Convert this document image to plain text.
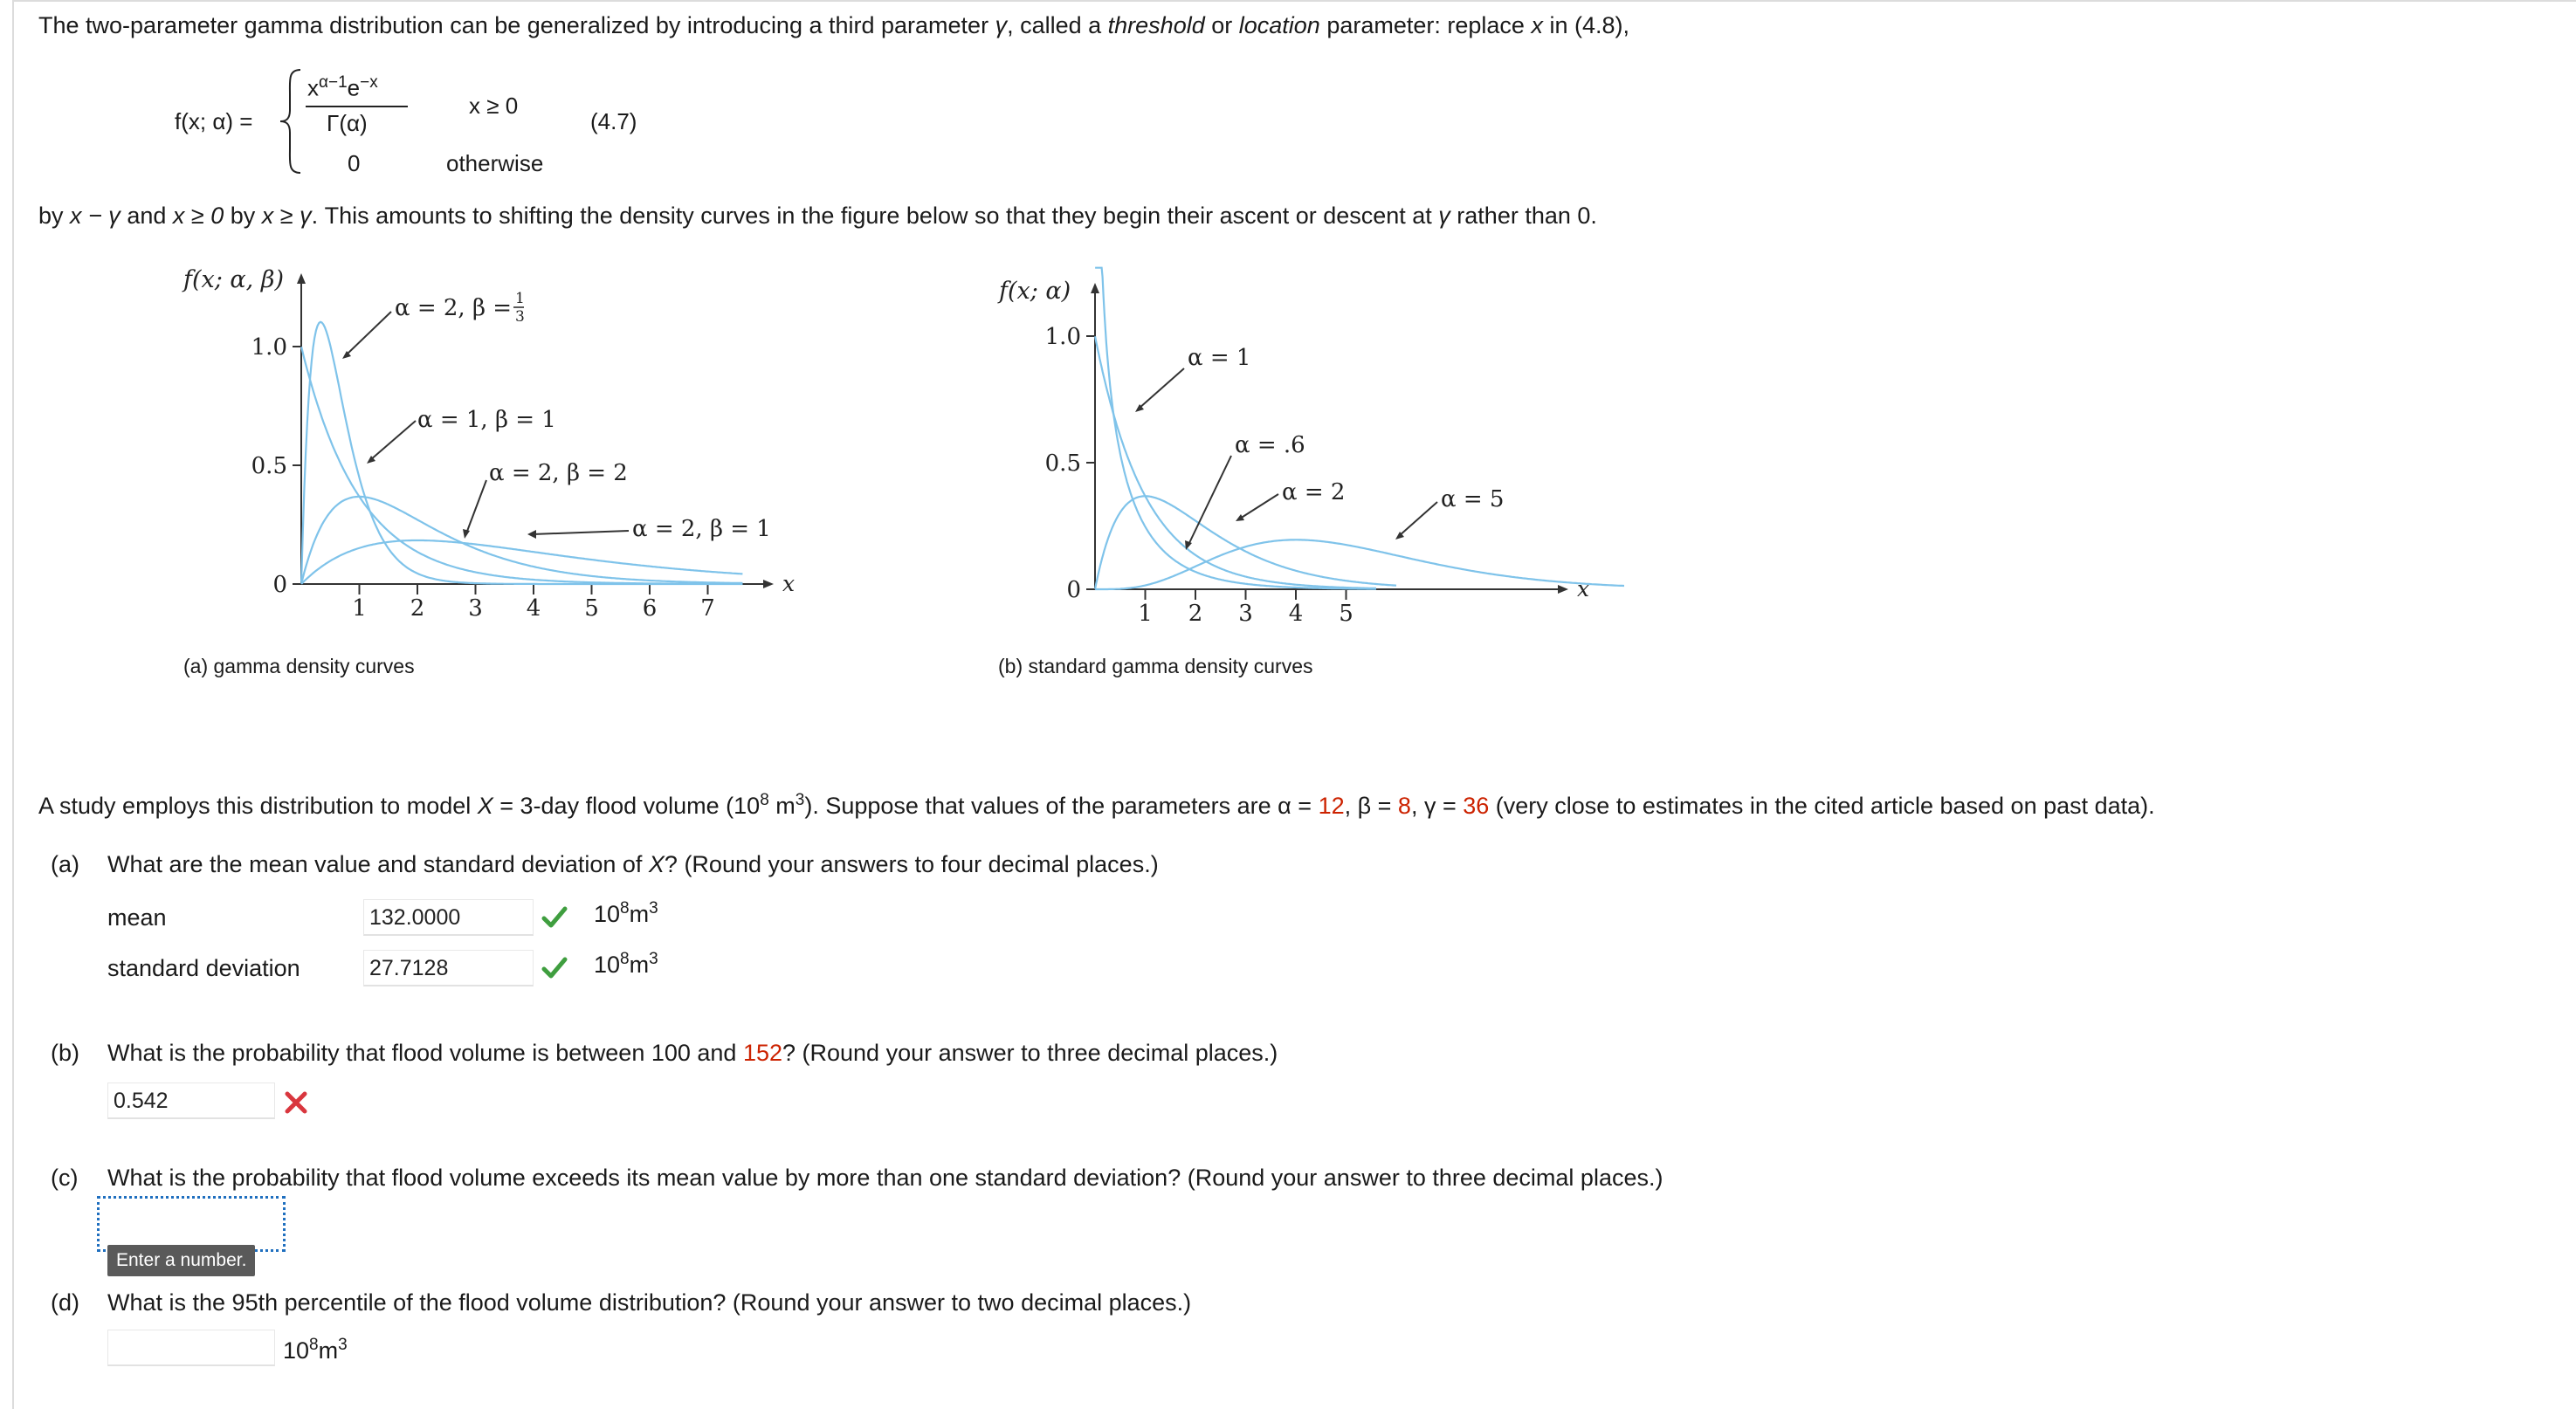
The two-parameter gamma distribution can be generalized by introducing a third parameter γ, called a threshold or location parameter: replace x in (4.8),
f(x; α) =
$x^{\alpha-1}e^{-x}$
Γ(α)
x ≥ 0
0	otherwise
(4.7)
by x − γ and x ≥ 0 by x ≥ γ. This amounts to shifting the density curves in the figure below so that they begin their ascent or descent at γ rather than 0.
f(x; α, β)
x
1.0
0.5
0
1 2 3 4 5 6 7
α = 2, β = 1
3
α = 1, β = 1
α = 2, β = 2
α = 2, β = 1
(a) gamma density curves
f(x; α)
x
1.0
0.5
0
1 2 3 4 5
α = 1
α = .6
α = 2	α = 5
(b) standard gamma density curves
A study employs this distribution to model X = 3-day flood volume ($10^8$ $m^3$). Suppose that values of the parameters are α = 12, β = 8, γ = 36 (very close to estimates in the cited article based on past data).
(a) What are the mean value and standard deviation of X? (Round your answers to four decimal places.)
mean	132.0000	$10^8m^3$
standard deviation	27.7128	$10^8m^3$
(b) What is the probability that flood volume is between 100 and 152? (Round your answer to three decimal places.)
0.542
(c) What is the probability that flood volume exceeds its mean value by more than one standard deviation? (Round your answer to three decimal places.)
Enter a number.
(d) What is the 95th percentile of the flood volume distribution? (Round your answer to two decimal places.)
$10^8m^3$
